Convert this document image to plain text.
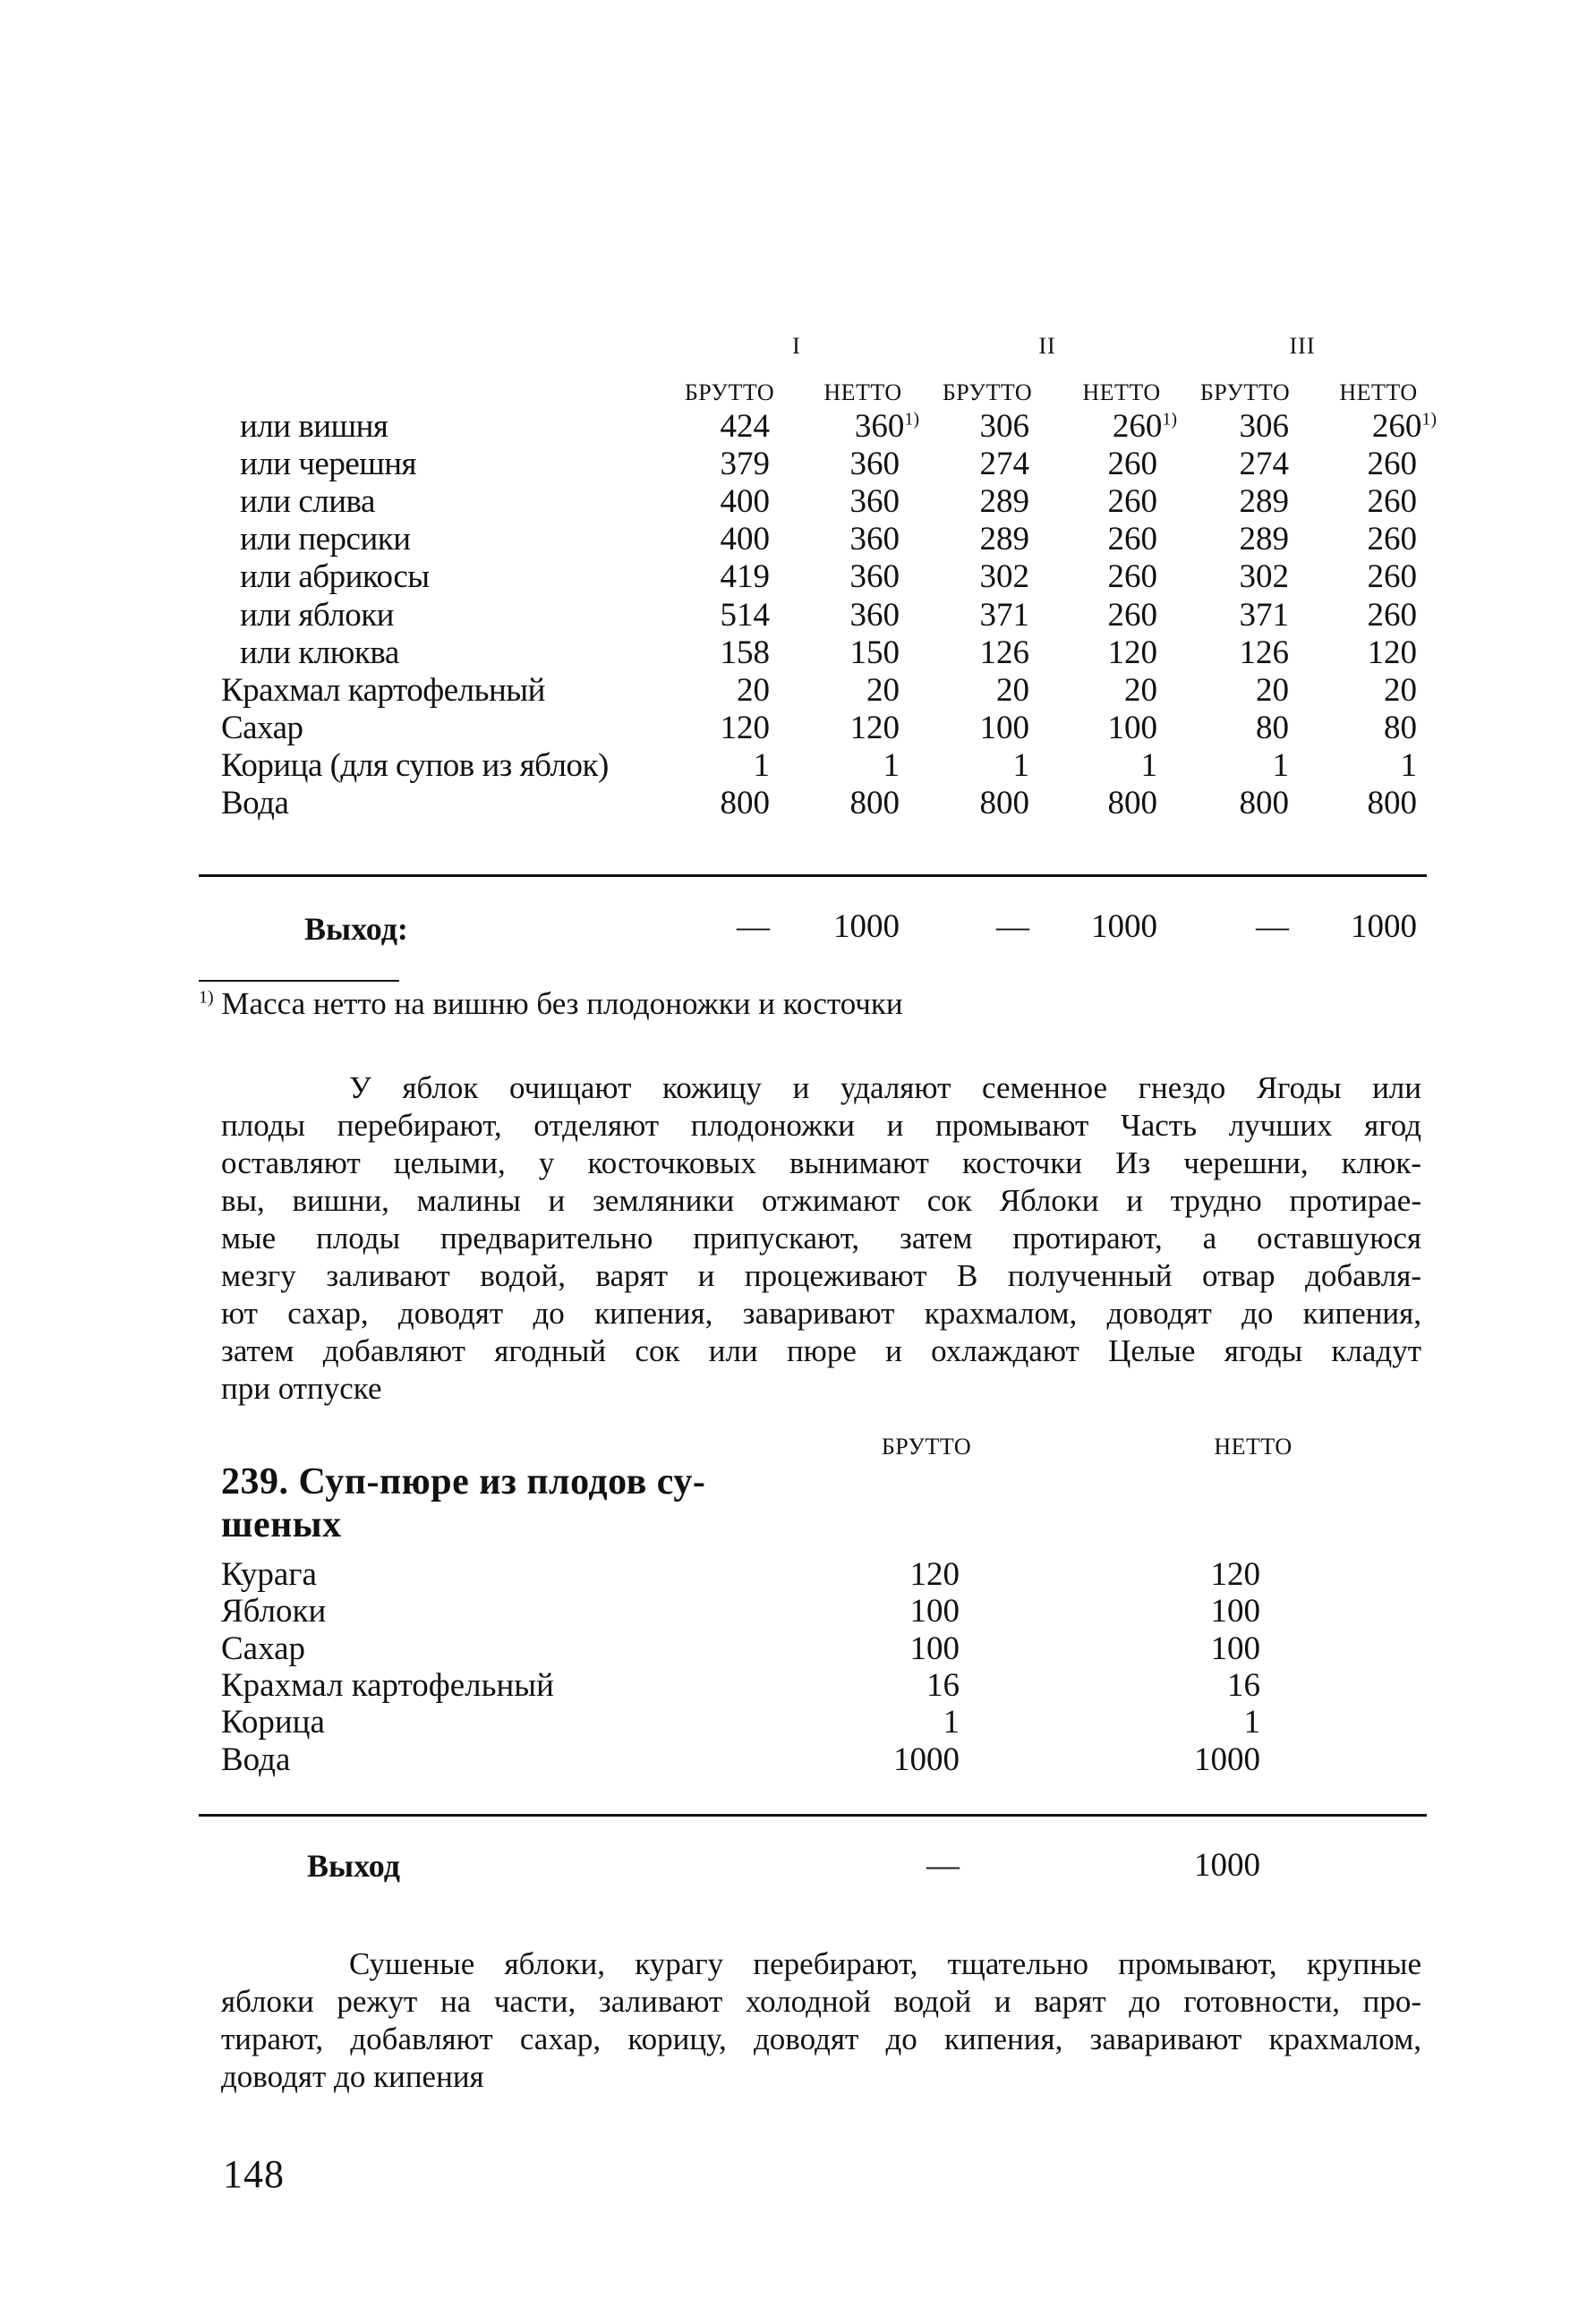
I	II	III
БРУТТО	НЕТТО	БРУТТО	НЕТТО	БРУТТО	НЕТТО
или вишня	424	360$^{1)}$	306	260$^{1)}$	306	260$^{1)}$
или черешня	379	360	274	260	274	260
или слива	400	360	289	260	289	260
или персики	400	360	289	260	289	260
или абрикосы	419	360	302	260	302	260
или яблоки	514	360	371	260	371	260
или клюква	158	150	126	120	126	120
Крахмал картофельный	20	20	20	20	20	20
Сахар	120	120	100	100	80	80
Корица (для супов из яблок)	1	1	1	1	1	1
Вода	800	800	800	800	800	800
Выход:	—	1000	—	1000	—	1000
$^{1)}$ Масса нетто на вишню без плодоножки и косточки
У яблок очищают кожицу и удаляют семенное гнездо Ягоды или
плоды перебирают, отделяют плодоножки и промывают Часть лучших ягод
оставляют целыми, у косточковых вынимают косточки Из черешни, клюк-
вы, вишни, малины и земляники отжимают сок Яблоки и трудно протирае-
мые плоды предварительно припускают, затем протирают, а оставшуюся
мезгу заливают водой, варят и процеживают В полученный отвар добавля-
ют сахар, доводят до кипения, заваривают крахмалом, доводят до кипения,
затем добавляют ягодный сок или пюре и охлаждают Целые ягоды кладут
при отпуске
БРУТТО	НЕТТО
239. Суп-пюре из плодов су-
шеных
Курага	120	120
Яблоки	100	100
Сахар	100	100
Крахмал картофельный	16	16
Корица	1	1
Вода	1000	1000
Выход	—	1000
Сушеные яблоки, курагу перебирают, тщательно промывают, крупные
яблоки режут на части, заливают холодной водой и варят до готовности, про-
тирают, добавляют сахар, корицу, доводят до кипения, заваривают крахмалом,
доводят до кипения
148
